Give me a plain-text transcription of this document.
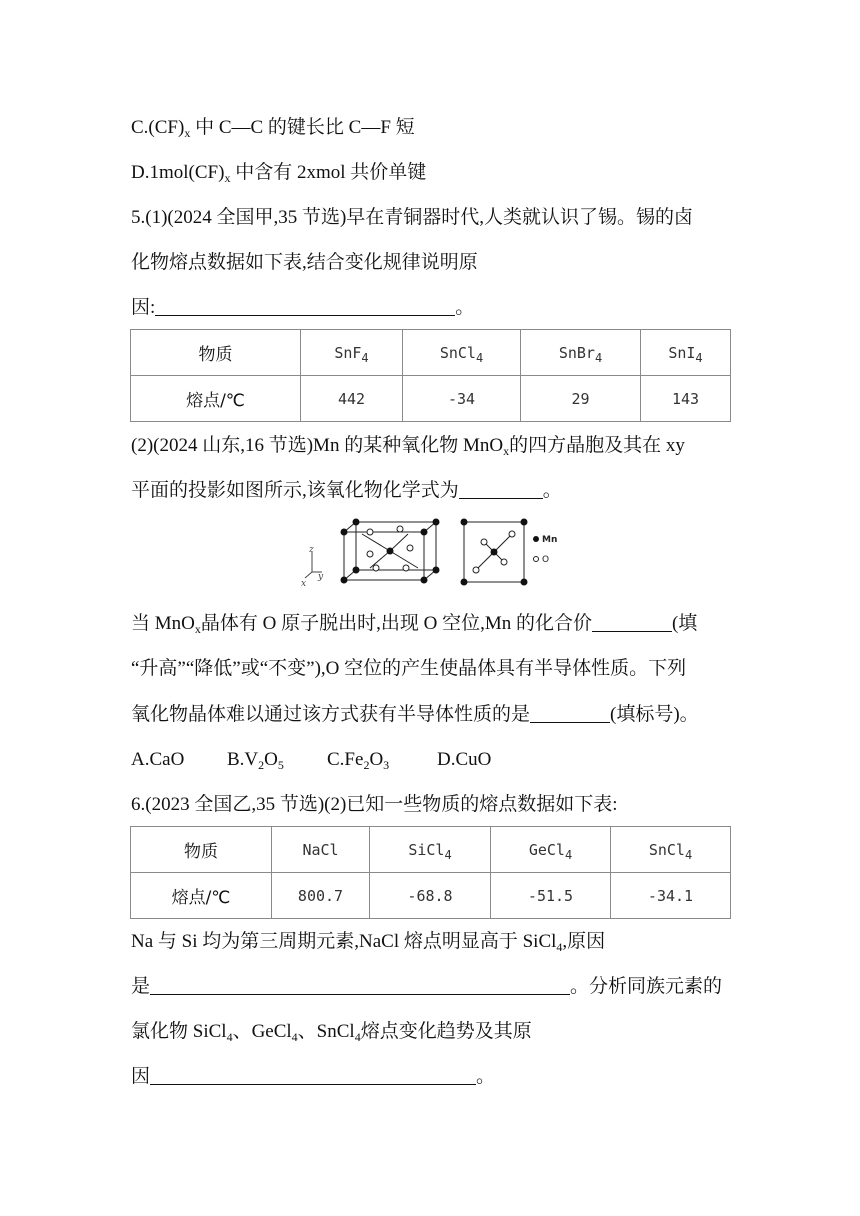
$C.(CF)_x$ 中 C—C 的键长比 C—F 短
$D.1mol(CF)_x$ 中含有 2xmol 共价单键
5.(1)(2024 全国甲,35 节选)早在青铜器时代,人类就认识了锡。锡的卤
化物熔点数据如下表,结合变化规律说明原
因:	。
物质	SnF$_4$	SnCl$_4$	SnBr$_4$	SnI$_4$
熔点/℃	442	-34	29	143
(2)(2024 山东,16 节选)Mn 的某种氧化物 MnO$_x$的四方晶胞及其在 xy
平面的投影如图所示,该氧化物化学式为	。
z
y
x
Mn
O
当 MnO$_x$晶体有 O 原子脱出时,出现 O 空位,Mn 的化合价	(填
“升高”“降低”或“不变”),O 空位的产生使晶体具有半导体性质。下列
氧化物晶体难以通过该方式获有半导体性质的是	(填标号)。
A.CaO $B.V_2O_5$ $C.Fe_2O_3$	D.CuO
6.(2023 全国乙,35 节选)(2)已知一些物质的熔点数据如下表:
物质	NaCl	SiCl$_4$	GeCl$_4$	SnCl$_4$
熔点/℃	800.7	-68.8	-51.5	-34.1
Na 与 Si 均为第三周期元素,NaCl 熔点明显高于 SiCl$_4$,原因
是	。分析同族元素的
氯化物 SiCl$_4$、GeCl$_4$、SnCl$_4$熔点变化趋势及其原
因	。
